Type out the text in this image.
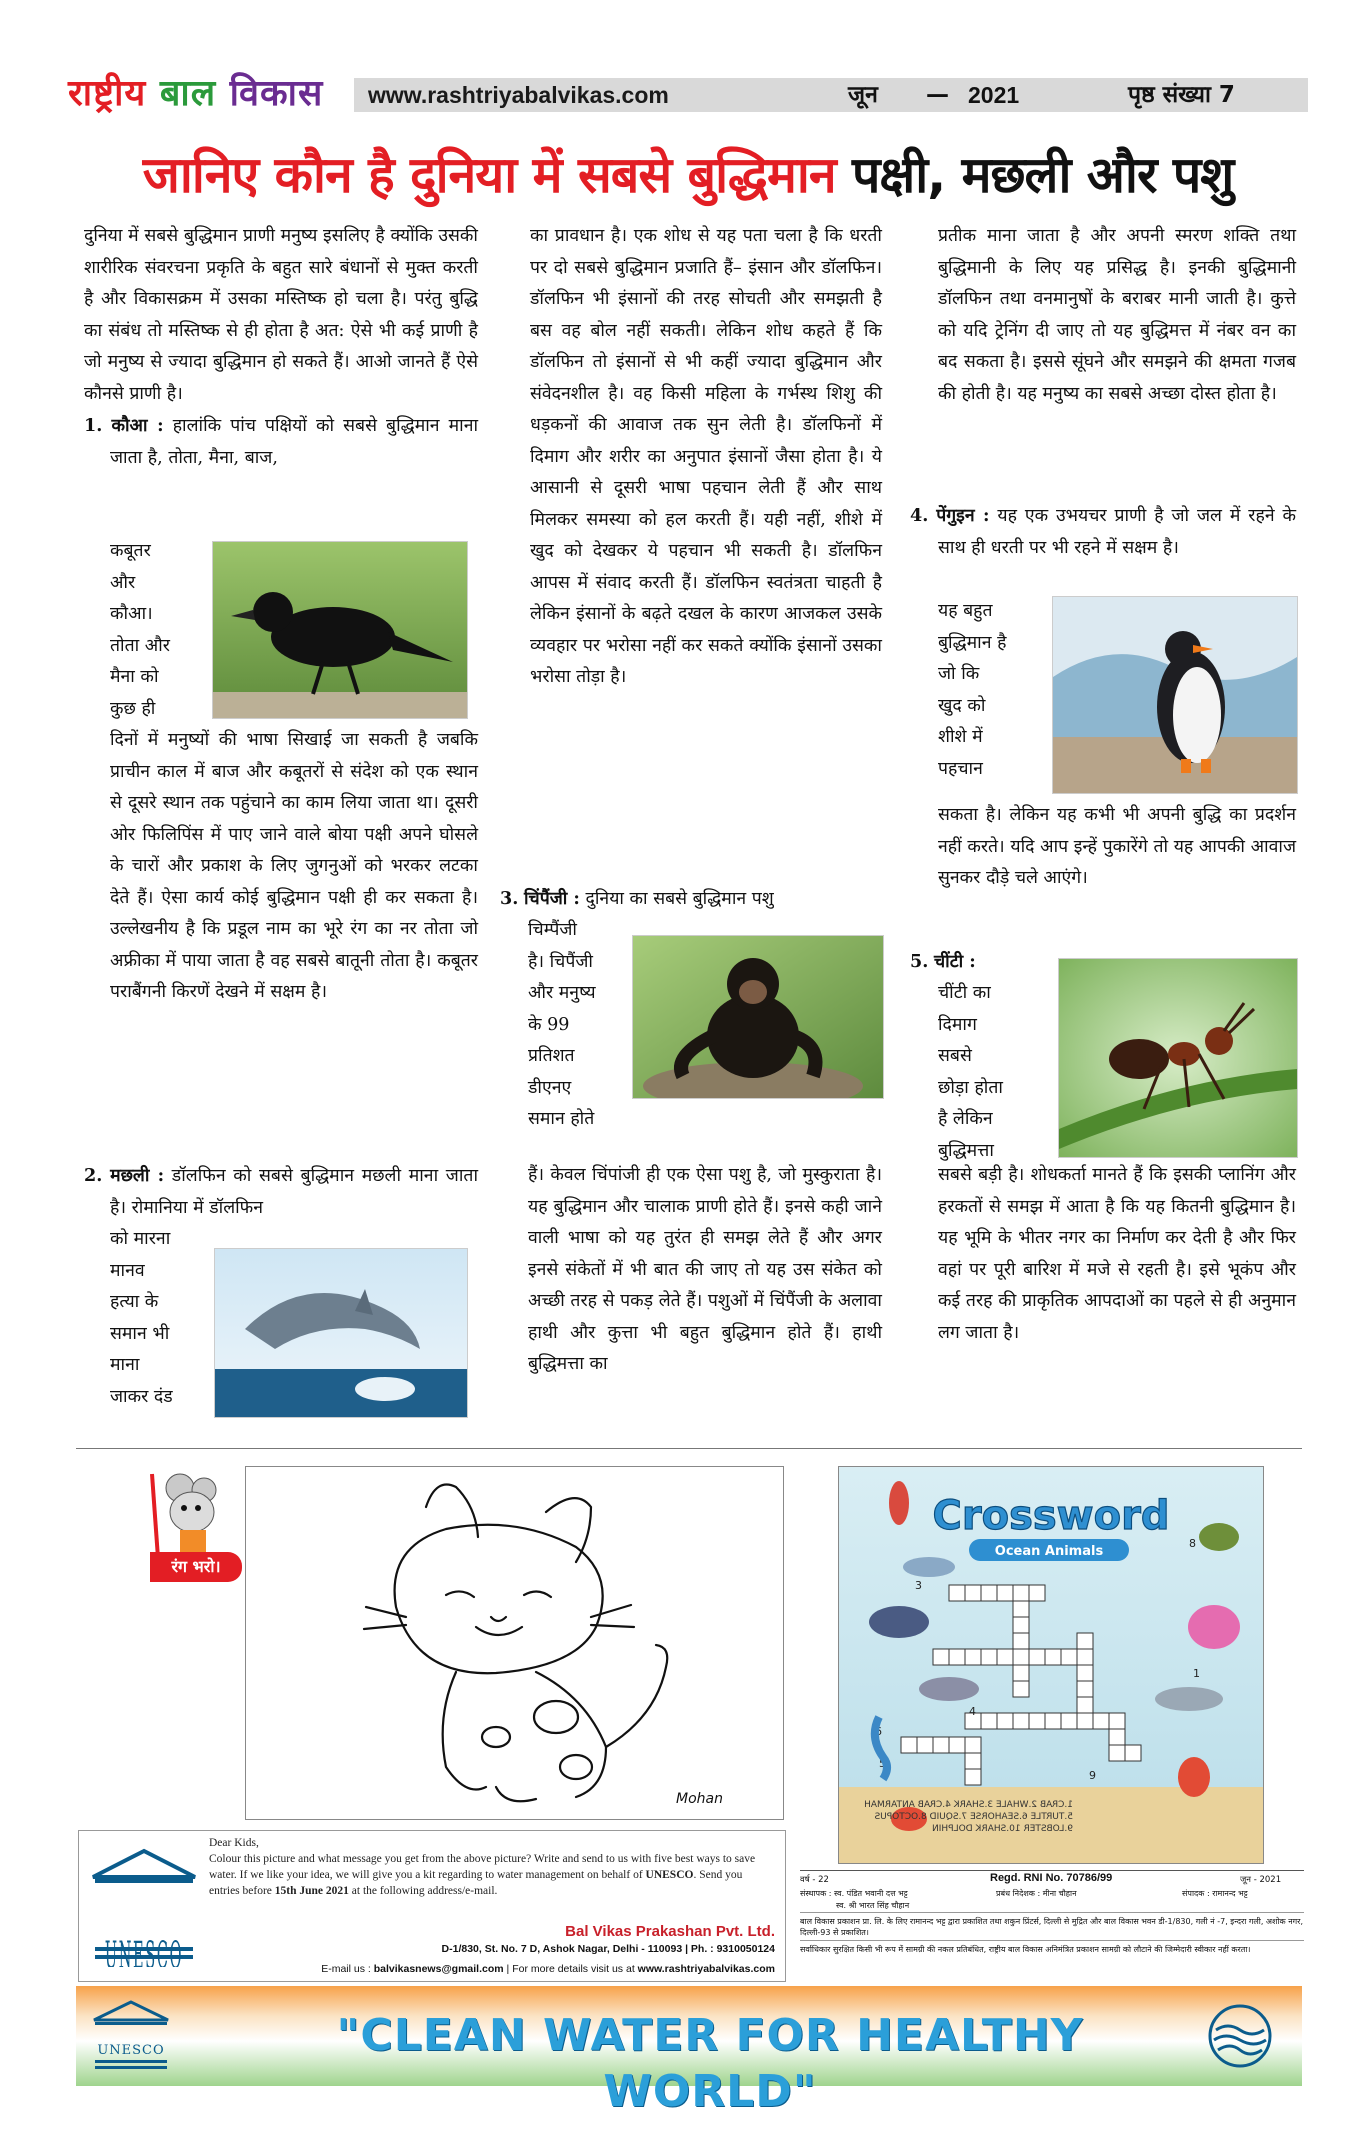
राष्ट्रीय बाल विकास www.rashtriyabalvikas.com	जून — 2021	पृष्ठ संख्या 7
जानिए कौन है दुनिया में सबसे बुद्धिमान पक्षी, मछली और पशु

दुनिया में सबसे बुद्धिमान प्राणी मनुष्य इसलिए है क्योंकि उसकी शारीरिक संवरचना प्रकृति के बहुत सारे बंधानों से मुक्त करती है और विकासक्रम में उसका मस्तिष्क हो चला है। परंतु बुद्धि का संबंध तो मस्तिष्क से ही होता है अत: ऐसे भी कई प्राणी है जो मनुष्य से ज्यादा बुद्धिमान हो सकते हैं। आओ जानते हैं ऐसे कौनसे प्राणी है।

1. कौआ : हालांकि पांच पक्षियों को सबसे बुद्धिमान माना जाता है, तोता, मैना, बाज,

कबूतर
और
कौआ।
तोता और
मैना को
कुछ ही
दिनों में मनुष्यों की भाषा सिखाई जा सकती है जबकि प्राचीन काल में बाज और कबूतरों से संदेश को एक स्थान से दूसरे स्थान तक पहुंचाने का काम लिया जाता था। दूसरी ओर फिलिपिंस में पाए जाने वाले बोया पक्षी अपने घोसले के चारों और प्रकाश के लिए जुगनुओं को भरकर लटका देते हैं। ऐसा कार्य कोई बुद्धिमान पक्षी ही कर सकता है। उल्लेखनीय है कि प्रडूल नाम का भूरे रंग का नर तोता जो अफ्रीका में पाया जाता है वह सबसे बातूनी तोता है। कबूतर पराबैंगनी किरणें देखने में सक्षम है।

2. मछली : डॉलफिन को सबसे बुद्धिमान मछली माना जाता है। रोमानिया में डॉलफिन

को मारना
मानव
हत्या के
समान भी
माना
जाकर दंड
का प्रावधान है। एक शोध से यह पता चला है कि धरती पर दो सबसे बुद्धिमान प्रजाति हैं– इंसान और डॉलफिन। डॉलफिन भी इंसानों की तरह सोचती और समझती है बस वह बोल नहीं सकती। लेकिन शोध कहते हैं कि डॉलफिन तो इंसानों से भी कहीं ज्यादा बुद्धिमान और संवेदनशील है। वह किसी महिला के गर्भस्थ शिशु की धड़कनों की आवाज तक सुन लेती है। डॉलफिनों में दिमाग और शरीर का अनुपात इंसानों जैसा होता है। ये आसानी से दूसरी भाषा पहचान लेती हैं और साथ मिलकर समस्या को हल करती हैं। यही नहीं, शीशे में खुद को देखकर ये पहचान भी सकती है। डॉलफिन आपस में संवाद करती हैं। डॉलफिन स्वतंत्रता चाहती है लेकिन इंसानों के बढ़ते दखल के कारण आजकल उसके व्यवहार पर भरोसा नहीं कर सकते क्योंकि इंसानों उसका भरोसा तोड़ा है।

3. चिंपैंजी : दुनिया का सबसे बुद्धिमान पशु

चिम्पैंजी
है। चिपैंजी
और मनुष्य
के 99
प्रतिशत
डीएनए
समान होते
हैं। केवल चिंपांजी ही एक ऐसा पशु है, जो मुस्कुराता है। यह बुद्धिमान और चालाक प्राणी होते हैं। इनसे कही जाने वाली भाषा को यह तुरंत ही समझ लेते हैं और अगर इनसे संकेतों में भी बात की जाए तो यह उस संकेत को अच्छी तरह से पकड़ लेते हैं। पशुओं में चिंपैंजी के अलावा हाथी और कुत्ता भी बहुत बुद्धिमान होते हैं। हाथी बुद्धिमत्ता का
प्रतीक माना जाता है और अपनी स्मरण शक्ति तथा बुद्धिमानी के लिए यह प्रसिद्ध है। इनकी बुद्धिमानी डॉलफिन तथा वनमानुषों के बराबर मानी जाती है। कुत्ते को यदि ट्रेनिंग दी जाए तो यह बुद्धिमत्त में नंबर वन का बद सकता है। इससे सूंघने और समझने की क्षमता गजब की होती है। यह मनुष्य का सबसे अच्छा दोस्त होता है।

4. पेंगुइन : यह एक उभयचर प्राणी है जो जल में रहने के साथ ही धरती पर भी रहने में सक्षम है।

यह बहुत
बुद्धिमान है
जो कि
खुद को
शीशे में
पहचान
सकता है। लेकिन यह कभी भी अपनी बुद्धि का प्रदर्शन नहीं करते। यदि आप इन्हें पुकारेंगे तो यह आपकी आवाज सुनकर दौड़े चले आएंगे।

5. चींटी :

चींटी का
दिमाग
सबसे
छोड़ा होता
है लेकिन
बुद्धिमत्ता
सबसे बड़ी है। शोधकर्ता मानते हैं कि इसकी प्लानिंग और हरकतों से समझ में आता है कि यह कितनी बुद्धिमान है। यह भूमि के भीतर नगर का निर्माण कर देती है और फिर वहां पर पूरी बारिश में मजे से रहती है। इसे भूकंप और कई तरह की प्राकृतिक आपदाओं का पहले से ही अनुमान लग जाता है।
रंग भरो।
Mohan
Crossword
Ocean Animals
8
1
3
4
5
6
9
1.CRAB 2.WHALE 3.SHARK 4.CRAB ANTARMAH
5.TURTLE 6.SEAHORSE 7.SQUID 8.OCTOPUS
9.LOBSTER 10.SHARK DOLPHIN
UNESCO
Dear Kids,
Colour this picture and what message you get from the above picture? Write and send to us with five best ways to save water. If we like your idea, we will give you a kit regarding to water management on behalf of UNESCO. Send you entries before 15th June 2021 at the following address/e-mail.
Bal Vikas Prakashan Pvt. Ltd.
D-1/830, St. No. 7 D, Ashok Nagar, Delhi - 110093 | Ph. : 9310050124
E-mail us : balvikasnews@gmail.com | For more details visit us at www.rashtriyabalvikas.com
वर्ष - 22	Regd. RNI No. 70786/99	जून - 2021
संस्थापक : स्व. पंडित भवानी दत्त भट्ट	प्रबंध निदेशक : मीना चौहान	संपादक : रामानन्द भट्ट
स्व. श्री भारत सिंह चौहान
बाल विकास प्रकाशन प्रा. लि. के लिए रामानन्द भट्ट द्वारा प्रकाशित तथा शकुन प्रिंटर्स, दिल्ली से मुद्रित और बाल विकास भवन डी-1/830, गली नं -7, इन्दरा गली, अशोक नगर, दिल्ली-93 से प्रकाशित।
सर्वाधिकार सुरक्षित किसी भी रूप में सामग्री की नकल प्रतिबंधित, राष्ट्रीय बाल विकास अनिमंत्रित प्रकाशन सामग्री को लौटाने की जिम्मेदारी स्वीकार नहीं करता।
UNESCO	"CLEAN WATER FOR HEALTHY WORLD"
